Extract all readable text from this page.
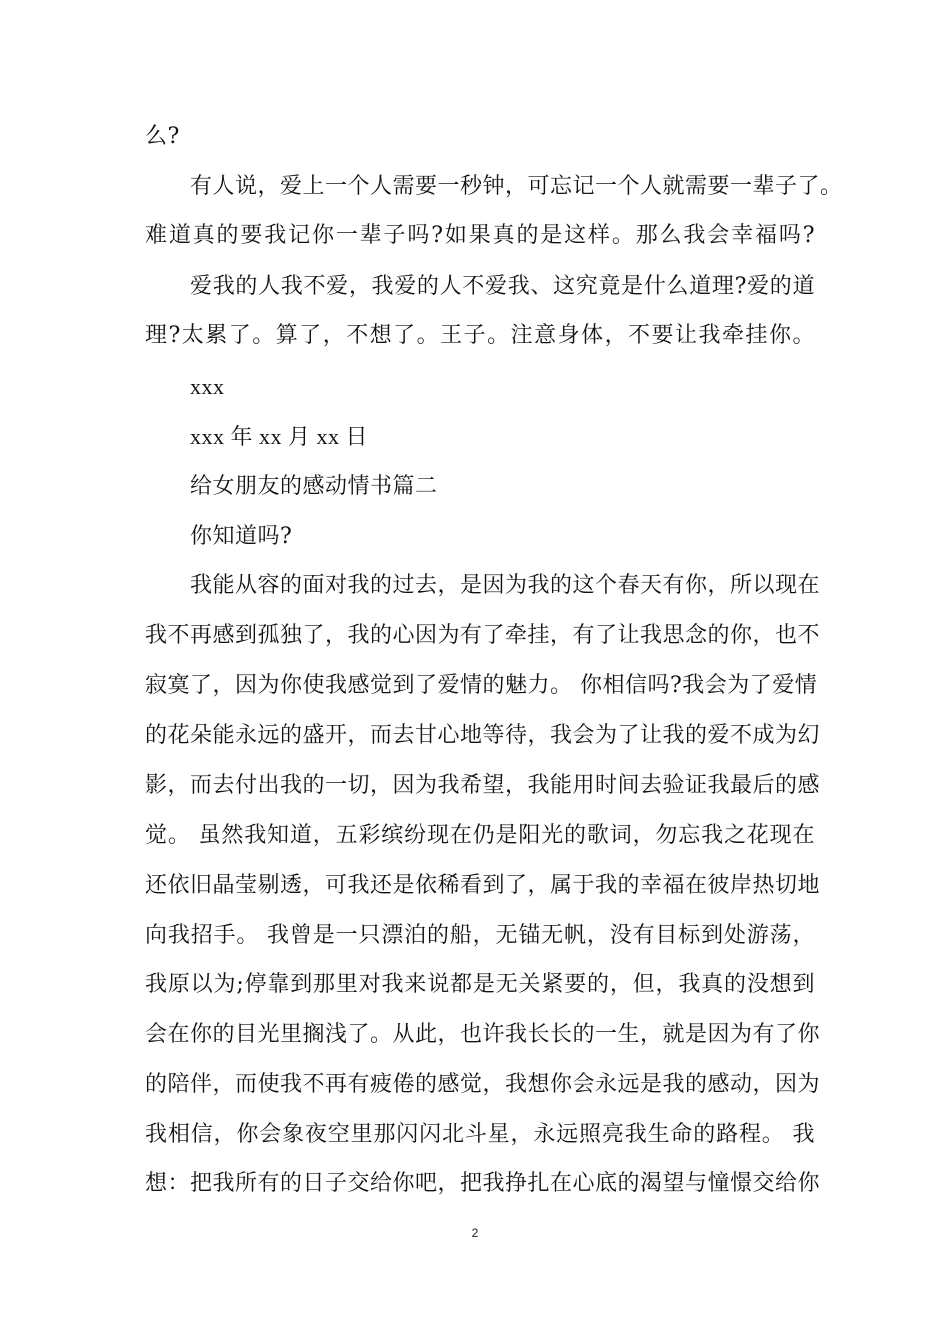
么?
有人说，爱上一个人需要一秒钟，可忘记一个人就需要一辈子了。
难道真的要我记你一辈子吗?如果真的是这样。那么我会幸福吗?
爱我的人我不爱，我爱的人不爱我、这究竟是什么道理?爱的道
理?太累了。算了，不想了。王子。注意身体，不要让我牵挂你。
xxx
xxx 年 xx 月 xx 日
给女朋友的感动情书篇二
你知道吗?
我能从容的面对我的过去，是因为我的这个春天有你，所以现在
我不再感到孤独了，我的心因为有了牵挂，有了让我思念的你，也不
寂寞了，因为你使我感觉到了爱情的魅力。 你相信吗?我会为了爱情
的花朵能永远的盛开，而去甘心地等待，我会为了让我的爱不成为幻
影，而去付出我的一切，因为我希望，我能用时间去验证我最后的感
觉。 虽然我知道，五彩缤纷现在仍是阳光的歌词，勿忘我之花现在
还依旧晶莹剔透，可我还是依稀看到了，属于我的幸福在彼岸热切地
向我招手。 我曾是一只漂泊的船，无锚无帆，没有目标到处游荡，
我原以为;停靠到那里对我来说都是无关紧要的，但，我真的没想到
会在你的目光里搁浅了。从此，也许我长长的一生，就是因为有了你
的陪伴，而使我不再有疲倦的感觉，我想你会永远是我的感动，因为
我相信，你会象夜空里那闪闪北斗星，永远照亮我生命的路程。 我
想：把我所有的日子交给你吧，把我挣扎在心底的渴望与憧憬交给你
2
